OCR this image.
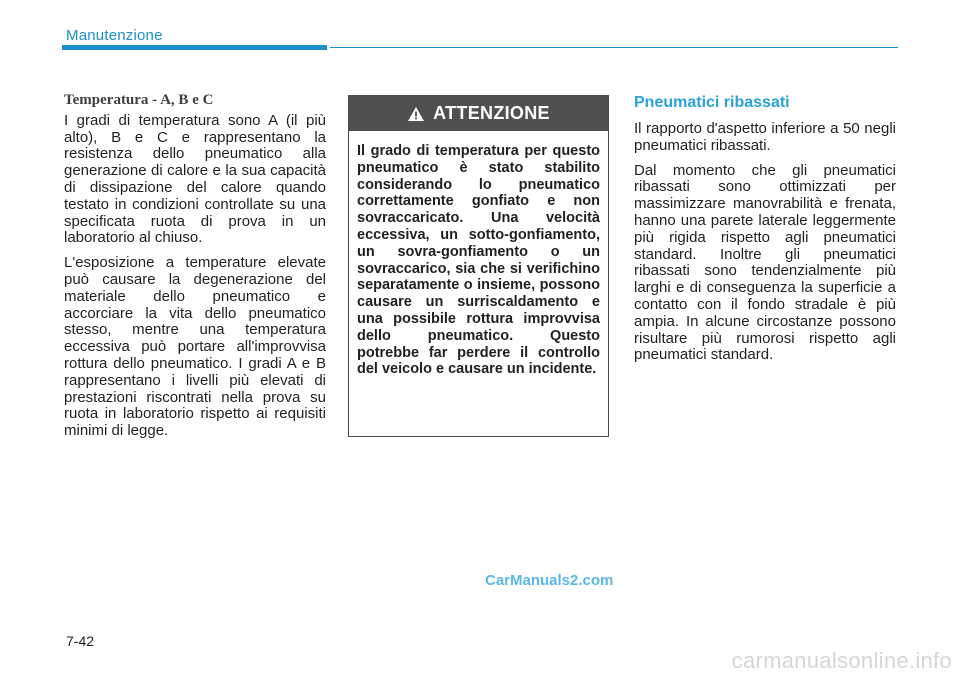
Manutenzione
Temperatura - A, B e C

I gradi di temperatura sono A (il più alto), B e C e rappresentano la resistenza dello pneumatico alla generazione di calore e la sua capacità di dissipazione del calore quando testato in condizioni controllate su una specificata ruota di prova in un laboratorio al chiuso.

L'esposizione a temperature elevate può causare la degenerazione del materiale dello pneumatico e accorciare la vita dello pneumatico stesso, mentre una temperatura eccessiva può portare all'improvvisa rottura dello pneumatico. I gradi A e B rappresentano i livelli più elevati di prestazioni riscontrati nella prova su ruota in laboratorio rispetto ai requisiti minimi di legge.

ATTENZIONE
Il grado di temperatura per questo pneumatico è stato stabilito considerando lo pneumatico correttamente gonfiato e non sovraccaricato. Una velocità eccessiva, un sotto-gonfiamento, un sovra-gonfiamento o un sovraccarico, sia che si verifichino separatamente o insieme, possono causare un surriscaldamento e una possibile rottura improvvisa dello pneumatico. Questo potrebbe far perdere il controllo del veicolo e causare un incidente.
Pneumatici ribassati

Il rapporto d'aspetto inferiore a 50 negli pneumatici ribassati.

Dal momento che gli pneumatici ribassati sono ottimizzati per massimizzare manovrabilità e frenata, hanno una parete laterale leggermente più rigida rispetto agli pneumatici standard. Inoltre gli pneumatici ribassati sono tendenzialmente più larghi e di conseguenza la superficie a contatto con il fondo stradale è più ampia. In alcune circostanze possono risultare più rumorosi rispetto agli pneumatici standard.

CarManuals2.com
7-42
carmanualsonline.info
